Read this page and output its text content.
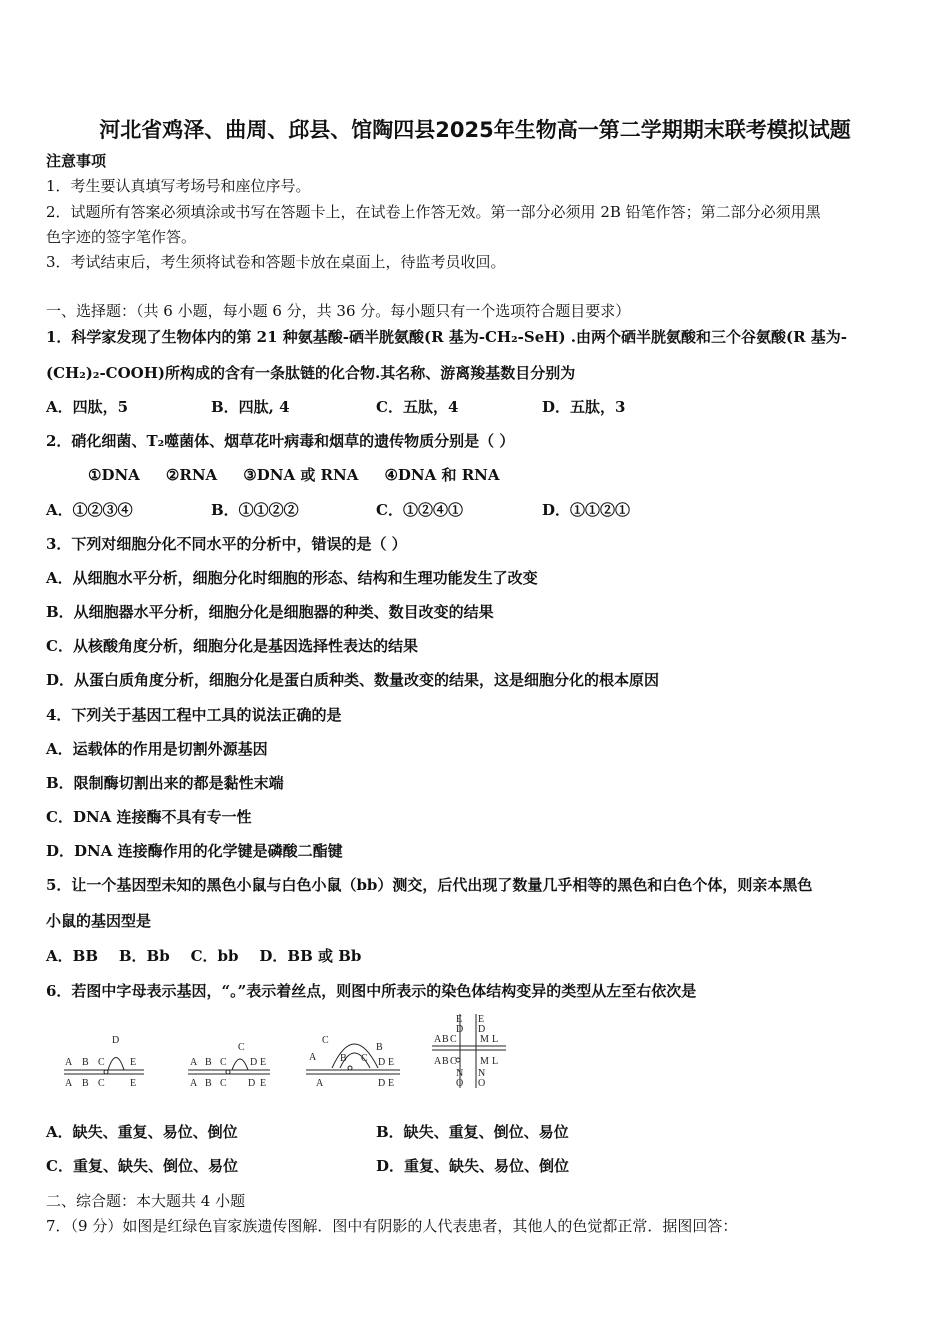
河北省鸡泽、曲周、邱县、馆陶四县2025年生物高一第二学期期末联考模拟试题
注意事项
1．考生要认真填写考场号和座位序号。
2．试题所有答案必须填涂或书写在答题卡上，在试卷上作答无效。第一部分必须用 2B 铅笔作答；第二部分必须用黑
色字迹的签字笔作答。
3．考试结束后，考生须将试卷和答题卡放在桌面上，待监考员收回。
一、选择题：（共 6 小题，每小题 6 分，共 36 分。每小题只有一个选项符合题目要求）
1．科学家发现了生物体内的第 21 种氨基酸-硒半胱氨酸(R 基为-CH₂-SeH) .由两个硒半胱氨酸和三个谷氨酸(R 基为-
(CH₂)₂-COOH)所构成的含有一条肽链的化合物.其名称、游离羧基数目分别为
A．四肽，5	B．四肽, 4	C．五肽，4	D．五肽，3
2．硝化细菌、T₂噬菌体、烟草花叶病毒和烟草的遗传物质分别是（ ）
①DNA     ②RNA     ③DNA 或 RNA     ④DNA 和 RNA
A．①②③④	B．①①②②	C．①②④①	D．①①②①
3．下列对细胞分化不同水平的分析中，错误的是（ ）
A．从细胞水平分析，细胞分化时细胞的形态、结构和生理功能发生了改变
B．从细胞器水平分析，细胞分化是细胞器的种类、数目改变的结果
C．从核酸角度分析，细胞分化是基因选择性表达的结果
D．从蛋白质角度分析，细胞分化是蛋白质种类、数量改变的结果，这是细胞分化的根本原因
4．下列关于基因工程中工具的说法正确的是
A．运载体的作用是切割外源基因
B．限制酶切割出来的都是黏性末端
C．DNA 连接酶不具有专一性
D．DNA 连接酶作用的化学键是磷酸二酯键
5．让一个基因型未知的黑色小鼠与白色小鼠（bb）测交，后代出现了数量几乎相等的黑色和白色个体，则亲本黑色
小鼠的基因型是
A．BB    B．Bb    C．bb    D．BB 或 Bb
6．若图中字母表示基因，“。”表示着丝点，则图中所表示的染色体结构变异的类型从左至右依次是
A B C
D
E
A B C	E
A B C
C
D E
A B C D E
C
B
B C D E
A
A	D E
E
D
E
D
A B C M L
A B C M L
N
O
N
O
A．缺失、重复、易位、倒位	B．缺失、重复、倒位、易位
C．重复、缺失、倒位、易位	D．重复、缺失、易位、倒位
二、综合题：本大题共 4 小题
7．（9 分）如图是红绿色盲家族遗传图解．图中有阴影的人代表患者，其他人的色觉都正常．据图回答：
